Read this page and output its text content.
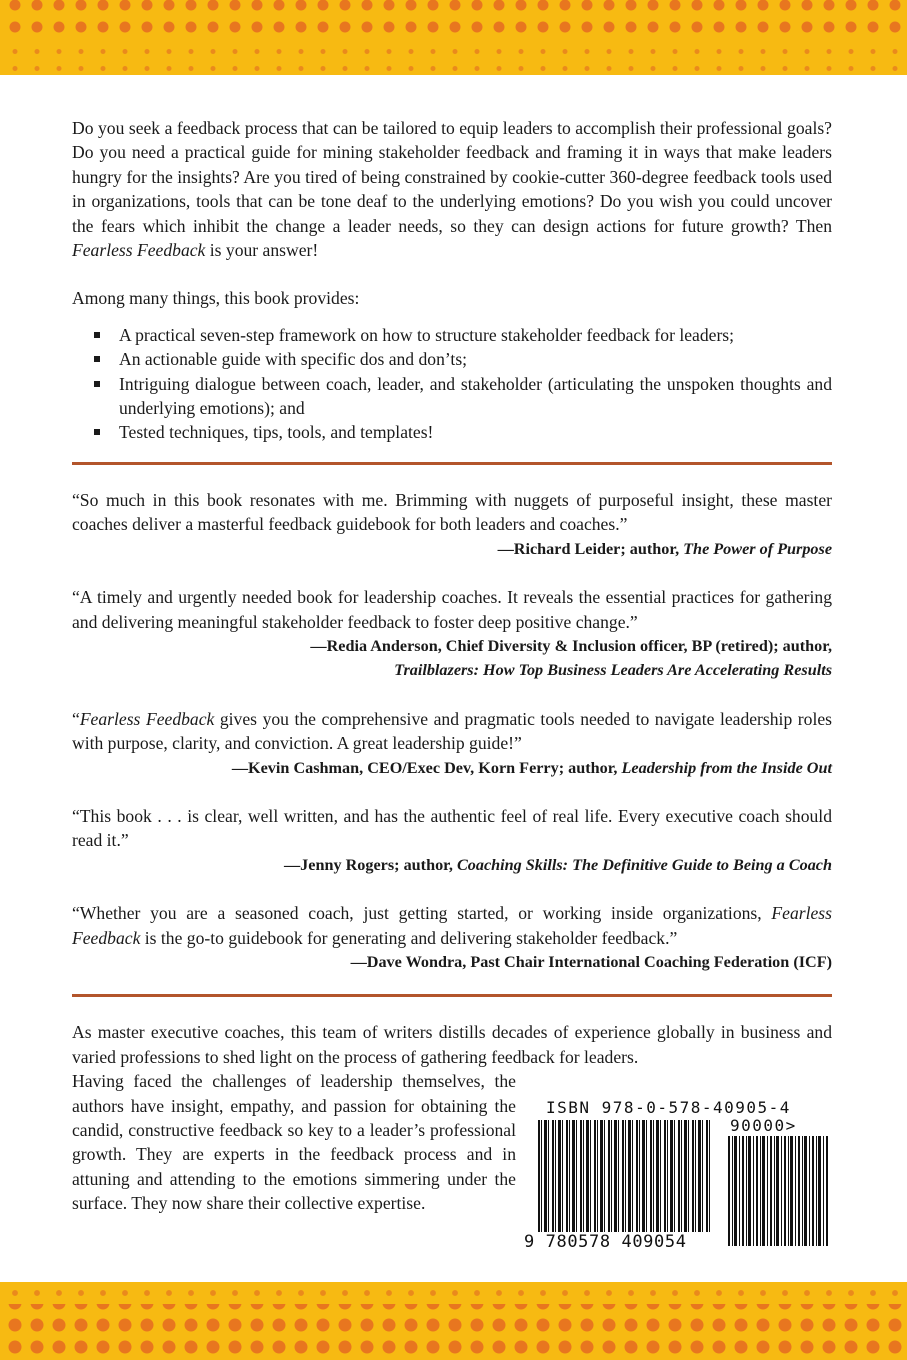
Do you seek a feedback process that can be tailored to equip leaders to accomplish their professional goals? Do you need a practical guide for mining stakeholder feedback and framing it in ways that make leaders hungry for the insights? Are you tired of being constrained by cookie-cutter 360-degree feedback tools used in organizations, tools that can be tone deaf to the underlying emotions? Do you wish you could uncover the fears which inhibit the change a leader needs, so they can design actions for future growth? Then Fearless Feedback is your answer!

Among many things, this book provides:

A practical seven-step framework on how to structure stakeholder feedback for leaders;
An actionable guide with specific dos and don’ts;
Intriguing dialogue between coach, leader, and stakeholder (articulating the unspoken thoughts and underlying emotions); and
Tested techniques, tips, tools, and templates!

“So much in this book resonates with me. Brimming with nuggets of purposeful insight, these master coaches deliver a masterful feedback guidebook for both leaders and coaches.”

—Richard Leider; author, The Power of Purpose

“A timely and urgently needed book for leadership coaches. It reveals the essential practices for gathering and delivering meaningful stakeholder feedback to foster deep positive change.”

—Redia Anderson, Chief Diversity & Inclusion officer, BP (retired); author,

Trailblazers: How Top Business Leaders Are Accelerating Results

“Fearless Feedback gives you the comprehensive and pragmatic tools needed to navigate leadership roles with purpose, clarity, and conviction. A great leadership guide!”

—Kevin Cashman, CEO/Exec Dev, Korn Ferry; author, Leadership from the Inside Out

“This book . . . is clear, well written, and has the authentic feel of real life. Every executive coach should read it.”

—Jenny Rogers; author, Coaching Skills: The Definitive Guide to Being a Coach

“Whether you are a seasoned coach, just getting started, or working inside organizations, Fearless Feedback is the go-to guidebook for generating and delivering stakeholder feedback.”

—Dave Wondra, Past Chair International Coaching Federation (ICF)

As master executive coaches, this team of writers distills decades of experience globally in business and varied professions to shed light on the process of gathering feedback for leaders.

Having faced the challenges of leadership themselves, the authors have insight, empathy, and passion for obtaining the candid, constructive feedback so key to a leader’s professional growth. They are experts in the feedback process and in attuning and attending to the emotions simmering under the surface. They now share their collective expertise.

ISBN 978-0-578-40905-4
90000>
9 780578 409054
